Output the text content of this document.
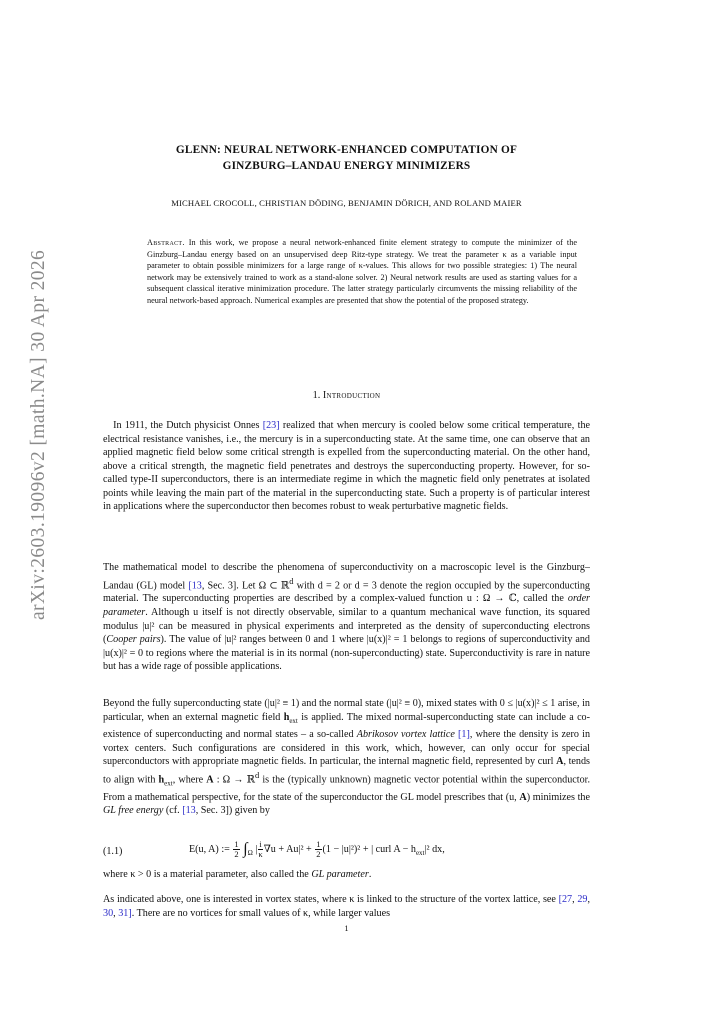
arXiv:2603.19096v2 [math.NA] 30 Apr 2026
GLENN: NEURAL NETWORK-ENHANCED COMPUTATION OF
GINZBURG–LANDAU ENERGY MINIMIZERS
MICHAEL CROCOLL, CHRISTIAN DÖDING, BENJAMIN DÖRICH, AND ROLAND MAIER
Abstract. In this work, we propose a neural network-enhanced finite element strategy to compute the minimizer of the Ginzburg–Landau energy based on an unsupervised deep Ritz-type strategy. We treat the parameter κ as a variable input parameter to obtain possible minimizers for a large range of κ-values. This allows for two possible strategies: 1) The neural network may be extensively trained to work as a stand-alone solver. 2) Neural network results are used as starting values for a subsequent classical iterative minimization procedure. The latter strategy particularly circumvents the missing reliability of the neural network-based approach. Numerical examples are presented that show the potential of the proposed strategy.
1. Introduction

 In 1911, the Dutch physicist Onnes [23] realized that when mercury is cooled below some critical temperature, the electrical resistance vanishes, i.e., the mercury is in a superconducting state. At the same time, one can observe that an applied magnetic field below some critical strength is expelled from the superconducting material. On the other hand, above a critical strength, the magnetic field penetrates and destroys the superconducting property. However, for so-called type-II superconductors, there is an intermediate regime in which the magnetic field only penetrates at isolated points while leaving the main part of the material in the superconducting state. Such a property is of particular interest in applications where the superconductor then becomes robust to weak perturbative magnetic fields.

The mathematical model to describe the phenomena of superconductivity on a macroscopic level is the Ginzburg–Landau (GL) model [13, Sec. 3]. Let Ω ⊂ ℝ$^d$ with d = 2 or d = 3 denote the region occupied by the superconducting material. The superconducting properties are described by a complex-valued function u : Ω → ℂ, called the order parameter. Although u itself is not directly observable, similar to a quantum mechanical wave function, its squared modulus |u|² can be measured in physical experiments and interpreted as the density of superconducting electrons (Cooper pairs). The value of |u|² ranges between 0 and 1 where |u(x)|² = 1 belongs to regions of superconductivity and |u(x)|² = 0 to regions where the material is in its normal (non-superconducting) state. Superconductivity is rare in nature but has a wide rage of possible applications.

Beyond the fully superconducting state (|u|² ≡ 1) and the normal state (|u|² ≡ 0), mixed states with 0 ≤ |u(x)|² ≤ 1 arise, in particular, when an external magnetic field $h_{ext}$ is applied. The mixed normal-superconducting state can include a co-existence of superconducting and normal states – a so-called Abrikosov vortex lattice [1], where the density is zero in vortex centers. Such configurations are considered in this work, which, however, can only occur for special superconductors with appropriate magnetic fields. In particular, the internal magnetic field, represented by curl A, tends to align with $h_{ext}$, where A : Ω → ℝ$^d$ is the (typically unknown) magnetic vector potential within the superconductor. From a mathematical perspective, for the state of the superconductor the GL model prescribes that (u, A) minimizes the GL free energy (cf. [13, Sec. 3]) given by

(1.1)	E(u, A) := $\frac{1}{2} \int_\Omega$ | $\frac{i}{\kappa} \nabla u + Au|^2 + \frac{1}{2} (1 - |u|^2)^2$ + | curl $A - h_{ext}|^2$ dx,

where κ > 0 is a material parameter, also called the GL parameter.

As indicated above, one is interested in vortex states, where κ is linked to the structure of the vortex lattice, see [27, 29, 30, 31]. There are no vortices for small values of κ, while larger values

1
